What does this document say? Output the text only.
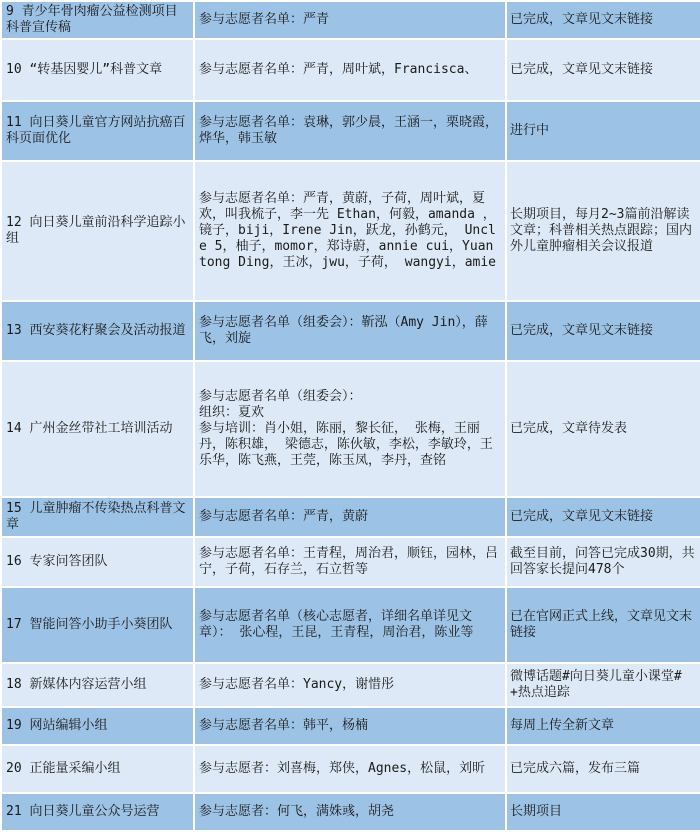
9 青少年骨肉瘤公益检测项目科普宣传稿	参与志愿者名单：严青	已完成，文章见文末链接
10 “转基因婴儿”科普文章	参与志愿者名单：严青，周叶斌，Francisca、	已完成，文章见文末链接
11 向日葵儿童官方网站抗癌百科页面优化	参与志愿者名单：袁琳，郭少晨，王涵一，栗晓霞，烨华，韩玉敏	进行中
12 向日葵儿童前沿科学追踪小组	参与志愿者名单：严青，黄蔚，子荷，周叶斌，夏欢，叫我梳子，李一先 Ethan，何毅，amanda ，镜子，biji，Irene Jin，跃龙，孙鹤元， Uncle 5，柚子，momor，郑诗蔚，annie cui，Yuantong Ding，王冰，jwu，子荷， wangyi，amie	长期项目，每月2~3篇前沿解读文章；科普相关热点跟踪；国内外儿童肿瘤相关会议报道
13 西安葵花籽聚会及活动报道	参与志愿者名单（组委会）：靳泓（Amy Jin），薛飞，刘旋	已完成，文章见文末链接
14 广州金丝带社工培训活动	参与志愿者名单（组委会）：
组织：夏欢
参与培训：肖小姐，陈丽，黎长征， 张梅，王丽丹，陈积雄， 梁德志，陈伙敏，李松，李敏玲，王乐华，陈飞燕，王莞，陈玉凤，李丹，查铭	已完成，文章待发表
15 儿童肿瘤不传染热点科普文章	参与志愿者名单：严青，黄蔚	已完成，文章见文末链接
16 专家问答团队	参与志愿者名单：王青程，周治君，顺钰，园林，吕宁，子荷，石存兰，石立哲等	截至目前，问答已完成30期，共回答家长提问478个
17 智能问答小助手小葵团队	参与志愿者名单（核心志愿者，详细名单详见文章）： 张心程，王昆，王青程，周治君，陈业等	已在官网正式上线，文章见文末链接
18 新媒体内容运营小组	参与志愿者名单：Yancy，谢惜彤	微博话题#向日葵儿童小课堂#+热点追踪
19 网站编辑小组	参与志愿者名单：韩平，杨楠	每周上传全新文章
20 正能量采编小组	参与志愿者：刘喜梅，郑侠，Agnes，松鼠，刘昕	已完成六篇，发布三篇
21 向日葵儿童公众号运营	参与志愿者：何飞，满姝彧，胡尧	长期项目
